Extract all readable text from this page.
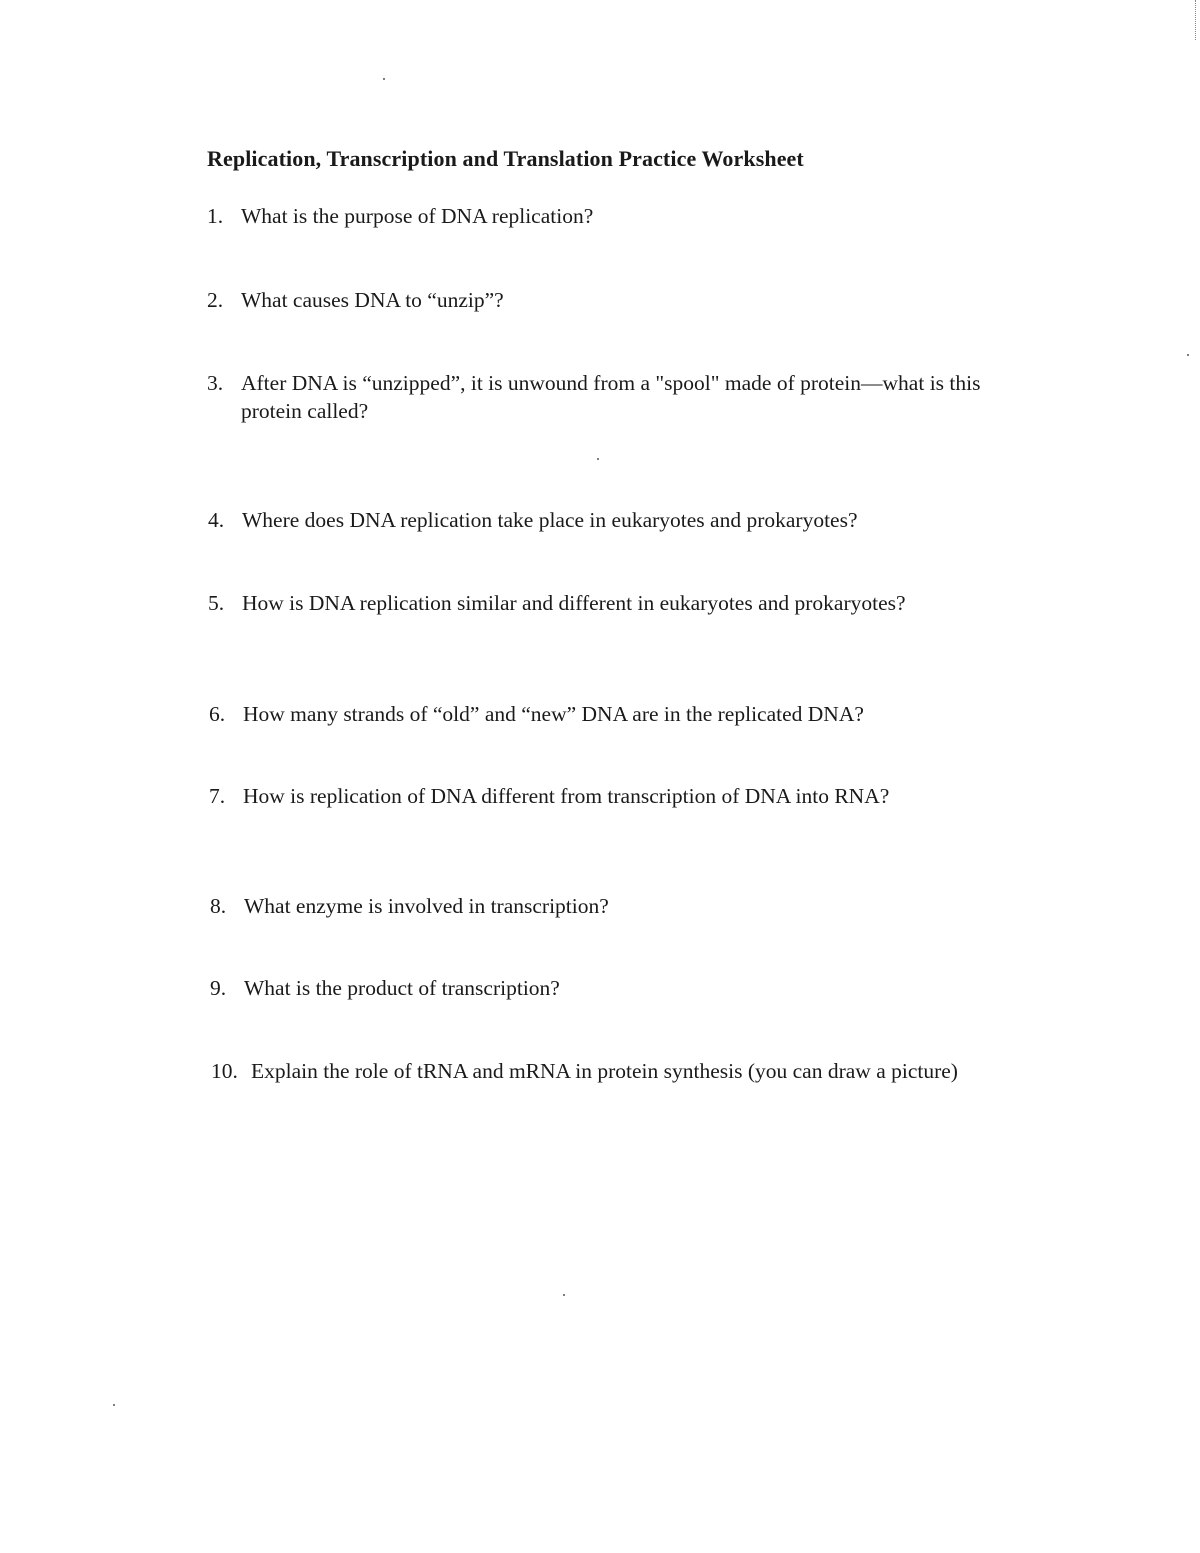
Replication, Transcription and Translation Practice Worksheet
1. What is the purpose of DNA replication?
2. What causes DNA to “unzip”?
3. After DNA is “unzipped”, it is unwound from a "spool" made of protein—what is this protein called?
4. Where does DNA replication take place in eukaryotes and prokaryotes?
5. How is DNA replication similar and different in eukaryotes and prokaryotes?
6. How many strands of “old” and “new” DNA are in the replicated DNA?
7. How is replication of DNA different from transcription of DNA into RNA?
8. What enzyme is involved in transcription?
9. What is the product of transcription?
10. Explain the role of tRNA and mRNA in protein synthesis (you can draw a picture)
